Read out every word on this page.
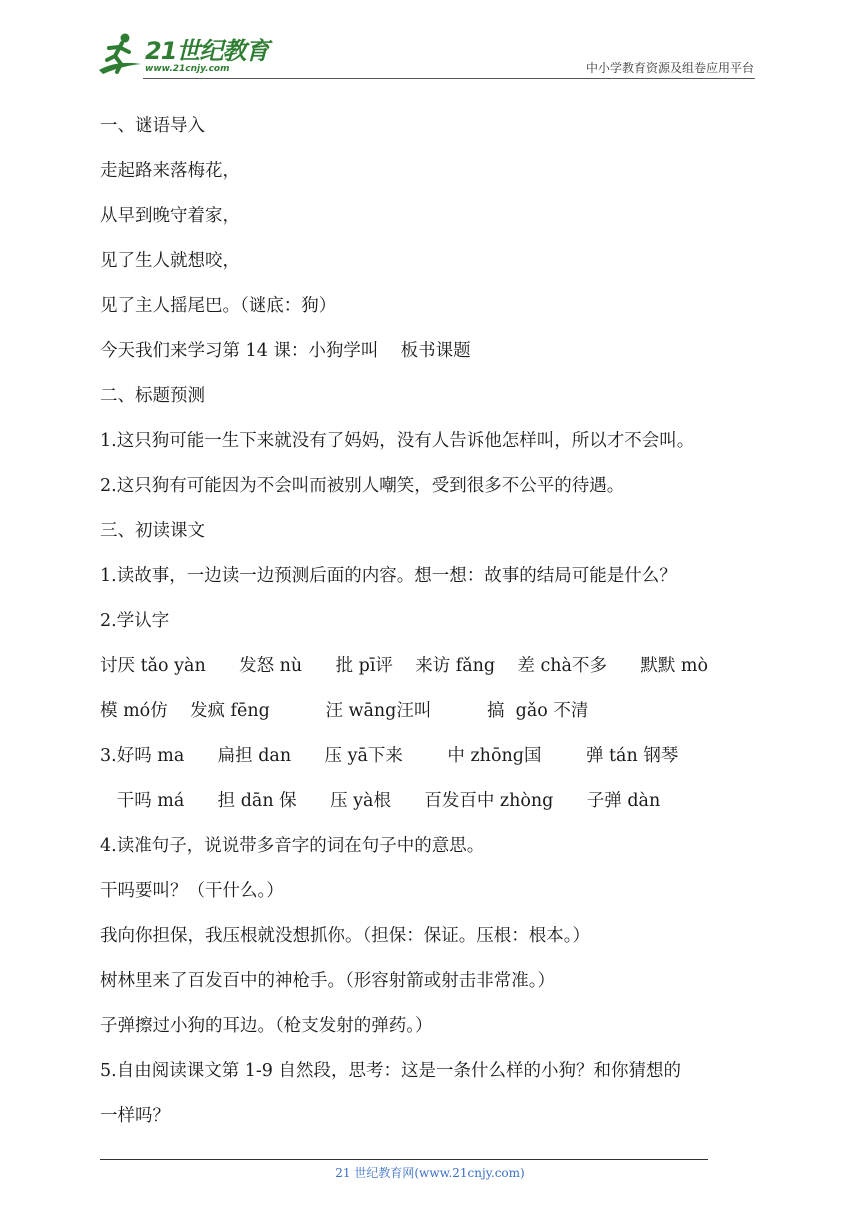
21世纪教育
www.21cnjy.com	中小学教育资源及组卷应用平台
一、谜语导入
走起路来落梅花，
从早到晚守着家，
见了生人就想咬，
见了主人摇尾巴。（谜底：狗）
今天我们来学习第 14 课：小狗学叫    板书课题
二、标题预测
1.这只狗可能一生下来就没有了妈妈，没有人告诉他怎样叫，所以才不会叫。
2.这只狗有可能因为不会叫而被别人嘲笑，受到很多不公平的待遇。
三、初读课文
1.读故事，一边读一边预测后面的内容。想一想：故事的结局可能是什么？
2.学认字
讨厌 tǎo yàn      发怒 nù      批 pī评    来访 fǎng    差 chà不多      默默 mò
模 mó仿    发疯 fēng          汪 wāng汪叫          搞  gǎo 不清
3.好吗 ma      扁担 dan      压 yā下来        中 zhōnɡ国        弹 tán 钢琴
干吗 má      担 dān 保      压 yà根      百发百中 zhòng      子弹 dàn
4.读准句子，说说带多音字的词在句子中的意思。
干吗要叫？（干什么。）
我向你担保，我压根就没想抓你。（担保：保证。压根：根本。）
树林里来了百发百中的神枪手。（形容射箭或射击非常准。）
子弹擦过小狗的耳边。（枪支发射的弹药。）
5.自由阅读课文第 1-9 自然段，思考：这是一条什么样的小狗？和你猜想的
一样吗？
21 世纪教育网(www.21cnjy.com)
